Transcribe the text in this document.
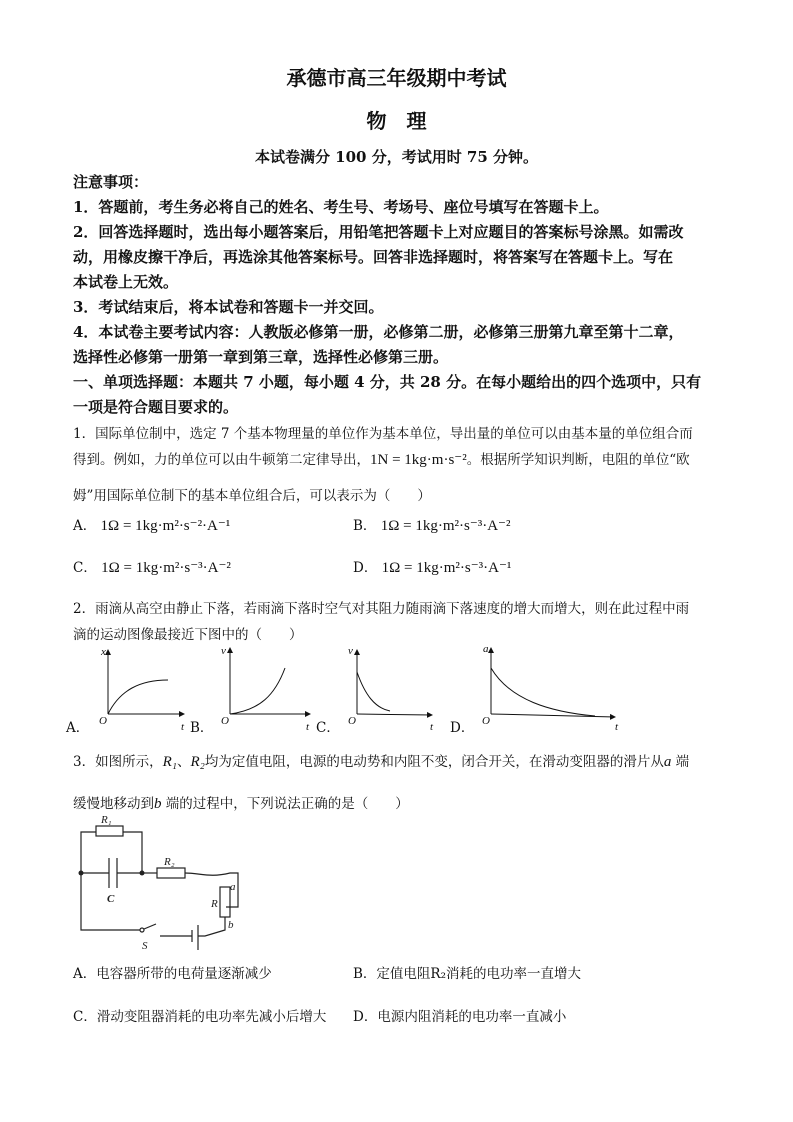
承德市高三年级期中考试
物　理
本试卷满分 100 分，考试用时 75 分钟。
注意事项：
1．答题前，考生务必将自己的姓名、考生号、考场号、座位号填写在答题卡上。
2．回答选择题时，选出每小题答案后，用铅笔把答题卡上对应题目的答案标号涂黑。如需改
动，用橡皮擦干净后，再选涂其他答案标号。回答非选择题时，将答案写在答题卡上。写在
本试卷上无效。
3．考试结束后，将本试卷和答题卡一并交回。
4．本试卷主要考试内容：人教版必修第一册，必修第二册，必修第三册第九章至第十二章，
选择性必修第一册第一章到第三章，选择性必修第三册。
一、单项选择题：本题共 7 小题，每小题 4 分，共 28 分。在每小题给出的四个选项中，只有
一项是符合题目要求的。
1．国际单位制中，选定 7 个基本物理量的单位作为基本单位，导出量的单位可以由基本量的单位组合而
得到。例如，力的单位可以由牛顿第二定律导出，1N = 1kg·m·s⁻²。根据所学知识判断，电阻的单位“欧
姆”用国际单位制下的基本单位组合后，可以表示为（　　）
A． 1Ω = 1kg·m²·s⁻²·A⁻¹	B． 1Ω = 1kg·m²·s⁻³·A⁻²
C． 1Ω = 1kg·m²·s⁻³·A⁻²	D． 1Ω = 1kg·m²·s⁻³·A⁻¹
2．雨滴从高空由静止下落，若雨滴下落时空气对其阻力随雨滴下落速度的增大而增大，则在此过程中雨
滴的运动图像最接近下图中的（　　）
x
t
O
v
t
O
v
t
O
a
t
O
A．	B．	C．	D．
3．如图所示，R₁、R₂均为定值电阻，电源的电动势和内阻不变，闭合开关，在滑动变阻器的滑片从a 端
缓慢地移动到b 端的过程中，下列说法正确的是（　　）
R₁
R₂
C	R
a
b
S
A．电容器所带的电荷量逐渐减少	B．定值电阻R₂消耗的电功率一直增大
C．滑动变阻器消耗的电功率先减小后增大 D．电源内阻消耗的电功率一直减小
